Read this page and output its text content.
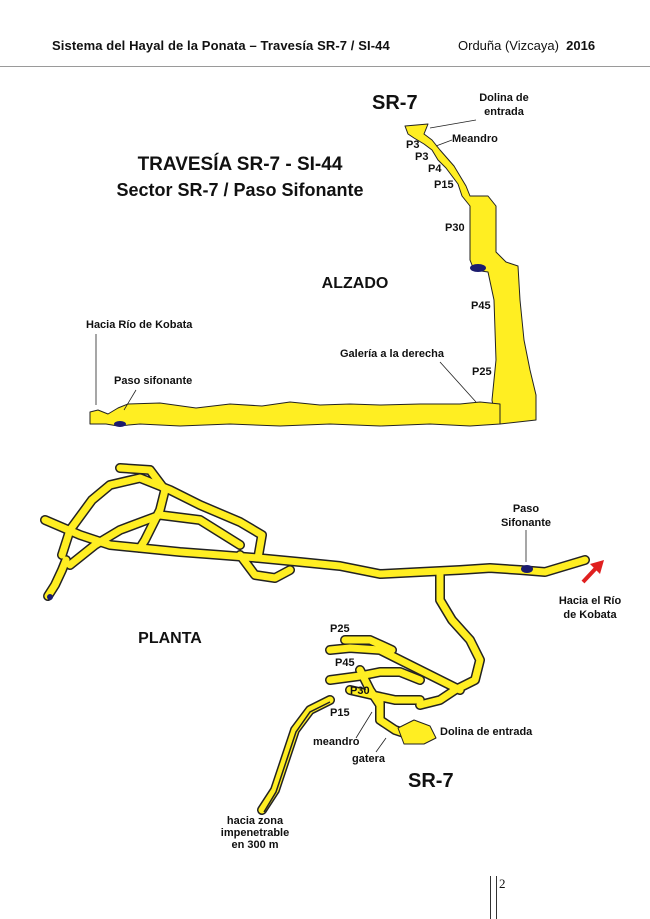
Sistema del Hayal de la Ponata – Travesía SR-7 / SI-44	Orduña (Vizcaya) 2016
TRAVESÍA SR-7 - SI-44
Sector SR-7 / Paso Sifonante
ALZADO
SR-7	Dolina de
entrada
Meandro
P3
P3
P4
P15
P30
P45
P25
Galería a la derecha
Hacia Río de Kobata
Paso sifonante
PLANTA
SR-7
Paso
Sifonante
Hacia el Río
de Kobata
P25
P45
P30
P15
meandro
gatera
Dolina de entrada
hacia zona
impenetrable
en 300 m
2
